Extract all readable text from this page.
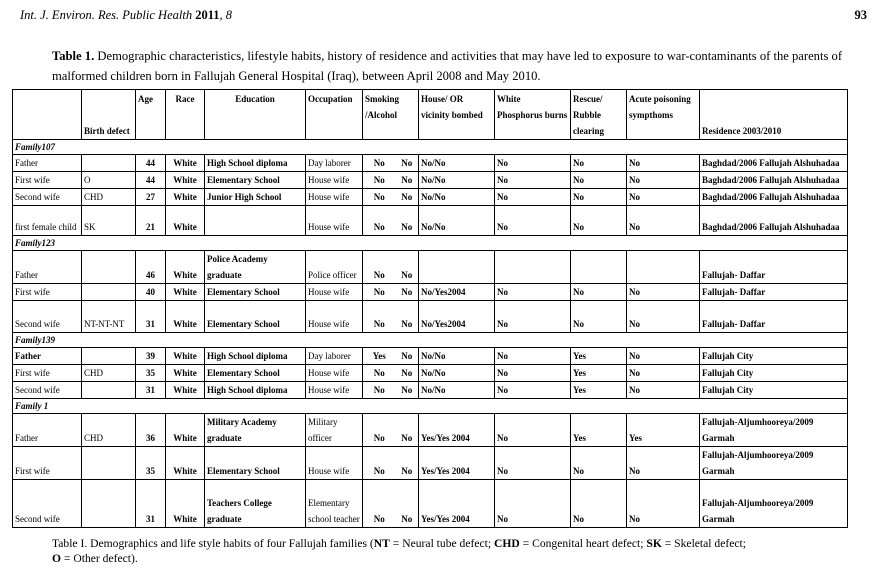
Int. J. Environ. Res. Public Health 2011, 8	93
Table 1. Demographic characteristics, lifestyle habits, history of residence and activities that may have led to exposure to war-contaminants of the parents of malformed children born in Fallujah General Hospital (Iraq), between April 2008 and May 2010.
	Birth defect	Age	Race	Education	Occupation	Smoking /Alcohol		House/ OR vicinity bombed	White Phosphorus burns	Rescue/ Rubble clearing	Acute poisoning sympthoms	Residence 2003/2010
Family107												
Father		44	White	High School diploma	Day laborer	No	No	No/No	No	No	No	Baghdad/2006 Fallujah Alshuhadaa
First wife	O	44	White	Elementary School	House wife	No	No	No/No	No	No	No	Baghdad/2006 Fallujah Alshuhadaa
Second wife	CHD	27	White	Junior High School	House wife	No	No	No/No	No	No	No	Baghdad/2006 Fallujah Alshuhadaa
first female child	SK	21	White		House wife	No	No	No/No	No	No	No	Baghdad/2006 Fallujah Alshuhadaa
Family123												
Father		46	White	Police Academy graduate	Police officer	No	No					Fallujah- Daffar
First wife		40	White	Elementary School	House wife	No	No	No/Yes2004	No	No	No	Fallujah- Daffar
Second wife	NT-NT-NT	31	White	Elementary School	House wife	No	No	No/Yes2004	No	No	No	Fallujah- Daffar
Family139												
Father		39	White	High School diploma	Day laborer	Yes	No	No/No	No	Yes	No	Fallujah City
First wife	CHD	35	White	Elementary School	House wife	No	No	No/No	No	Yes	No	Fallujah City
Second wife		31	White	High School diploma	House wife	No	No	No/No	No	Yes	No	Fallujah City
Family 1												
Father	CHD	36	White	Military Academy graduate	Military officer	No	No	Yes/Yes 2004	No	Yes	Yes	Fallujah-Aljumhooreya/2009 Garmah
First wife		35	White	Elementary School	House wife	No	No	Yes/Yes 2004	No	No	No	Fallujah-Aljumhooreya/2009 Garmah
Second wife		31	White	Teachers College graduate	Elementary school teacher	No	No	Yes/Yes 2004	No	No	No	Fallujah-Aljumhooreya/2009 Garmah
Table I. Demographics and life style habits of four Fallujah families (NT = Neural tube defect; CHD = Congenital heart defect; SK = Skeletal defect;
O = Other defect).
